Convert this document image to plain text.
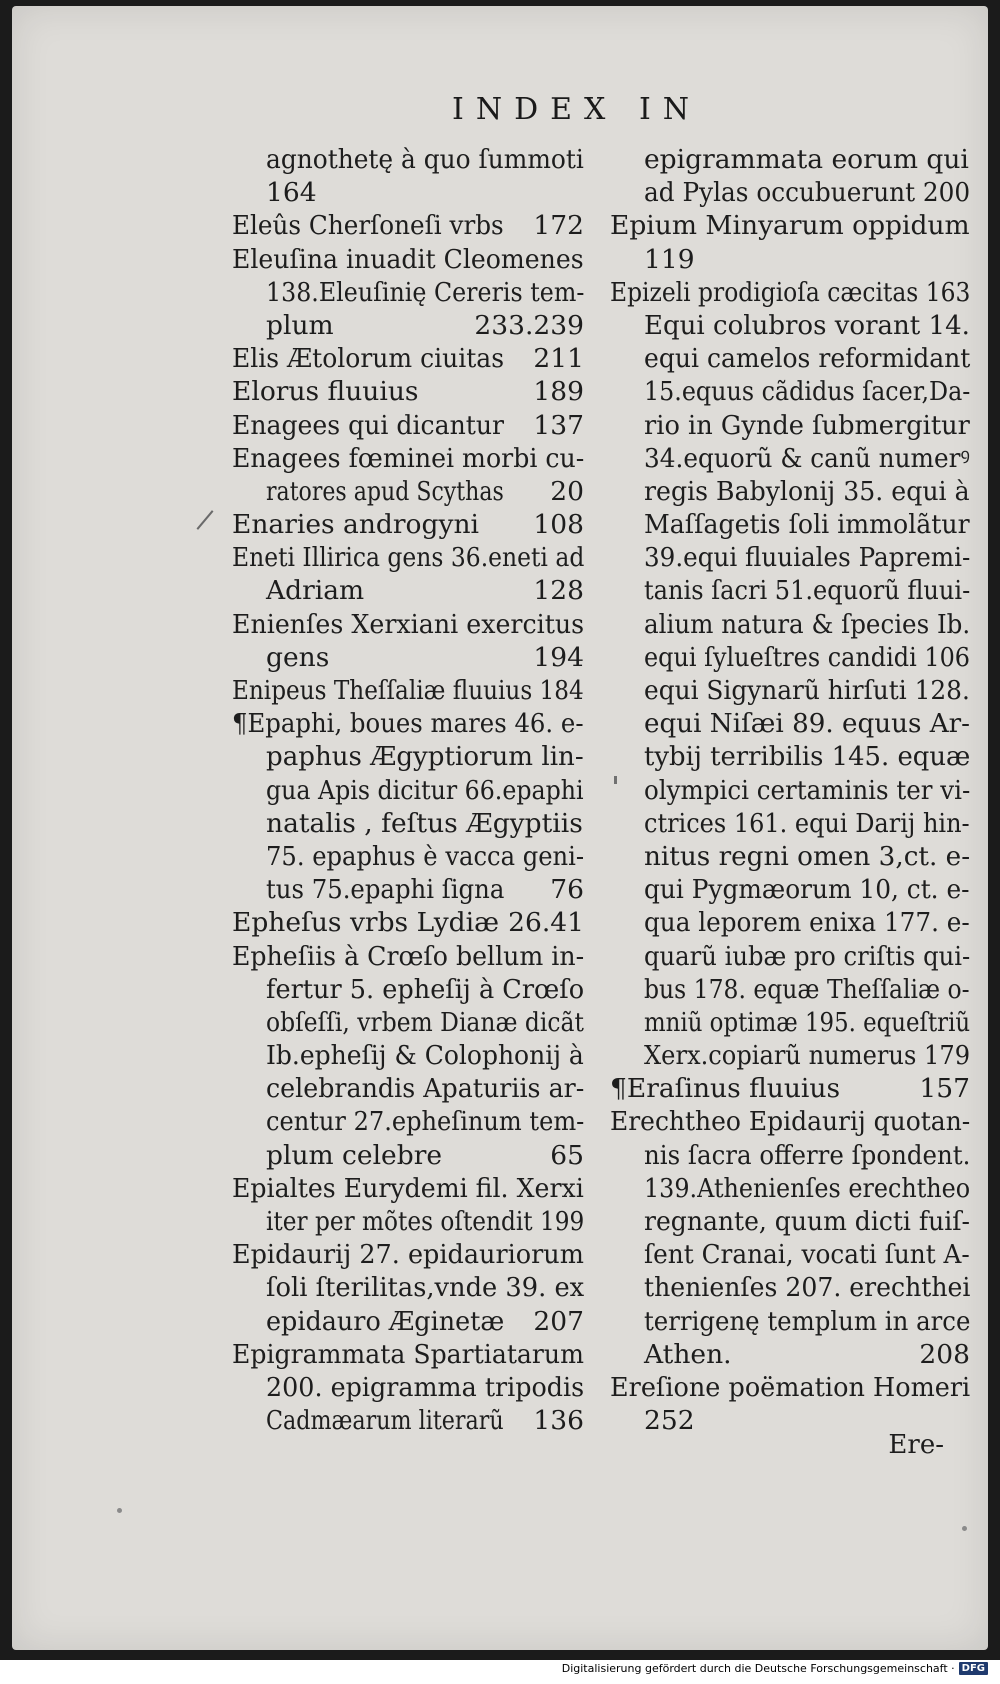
INDEX IN
agnothetę à quo ſummoti
164
Eleûs Cherſoneſi vrbs 172
Eleuſina inuadit Cleomenes
138.Eleuſinię Cereris tem-
plum	233.239
Elis Ætolorum ciuitas 211
Elorus fluuius	189
Enagees qui dicantur 137
Enagees fœminei morbi cu-
ratores apud Scythas 20
Enaries androgyni 108
Eneti Illirica gens 36.eneti ad
Adriam	128
Enienſes Xerxiani exercitus
gens	194
Enipeus Theſſaliæ fluuius 184
¶Epaphi, boues mares 46. e-
paphus Ægyptiorum lin-
gua Apis dicitur 66.epaphi
natalis , feſtus Ægyptiis
75. epaphus è vacca geni-
tus 75.epaphi ſigna 76
Epheſus vrbs Lydiæ 26.41
Epheſiis à Crœſo bellum in-
fertur 5. epheſij à Crœſo
obſeſſi, vrbem Dianæ dicãt
Ib.epheſij & Colophonij à
celebrandis Apaturiis ar-
centur 27.epheſinum tem-
plum celebre	65
Epialtes Eurydemi fil. Xerxi
iter per mõtes oſtendit 199
Epidaurij 27. epidauriorum
ſoli ſterilitas,vnde 39. ex
epidauro Æginetæ 207
Epigrammata Spartiatarum
200. epigramma tripodis
Cadmæarum literarũ 136
epigrammata eorum qui
ad Pylas occubuerunt 200
Epium Minyarum oppidum
119
Epizeli prodigioſa cæcitas 163
Equi colubros vorant 14.
equi camelos reformidant
15.equus cãdidus ſacer,Da-
rio in Gynde ſubmergitur
34.equorũ & canũ numerꝰ
regis Babylonij 35. equi à
Maſſagetis ſoli immolãtur
39.equi fluuiales Papremi-
tanis ſacri 51.equorũ fluui-
alium natura & ſpecies Ib.
equi ſylueſtres candidi 106
equi Sigynarũ hirſuti 128.
equi Niſæi 89. equus Ar-
tybij terribilis 145. equæ
olympici certaminis ter vi-
ctrices 161. equi Darij hin-
nitus regni omen 3,ct. e-
qui Pygmæorum 10, ct. e-
qua leporem enixa 177. e-
quarũ iubæ pro criſtis qui-
bus 178. equæ Theſſaliæ o-
mniũ optimæ 195. equeſtriũ
Xerx.copiarũ numerus 179
¶Eraſinus fluuius	157
Erechtheo Epidaurij quotan-
nis ſacra offerre ſpondent.
139.Athenienſes erechtheo
regnante, quum dicti fuiſ-
ſent Cranai, vocati ſunt A-
thenienſes 207. erechthei
terrigenę templum in arce
Athen.	208
Ereſione poëmation Homeri
252
Ere-
Digitalisierung gefördert durch die Deutsche Forschungsgemeinschaft · DFG
